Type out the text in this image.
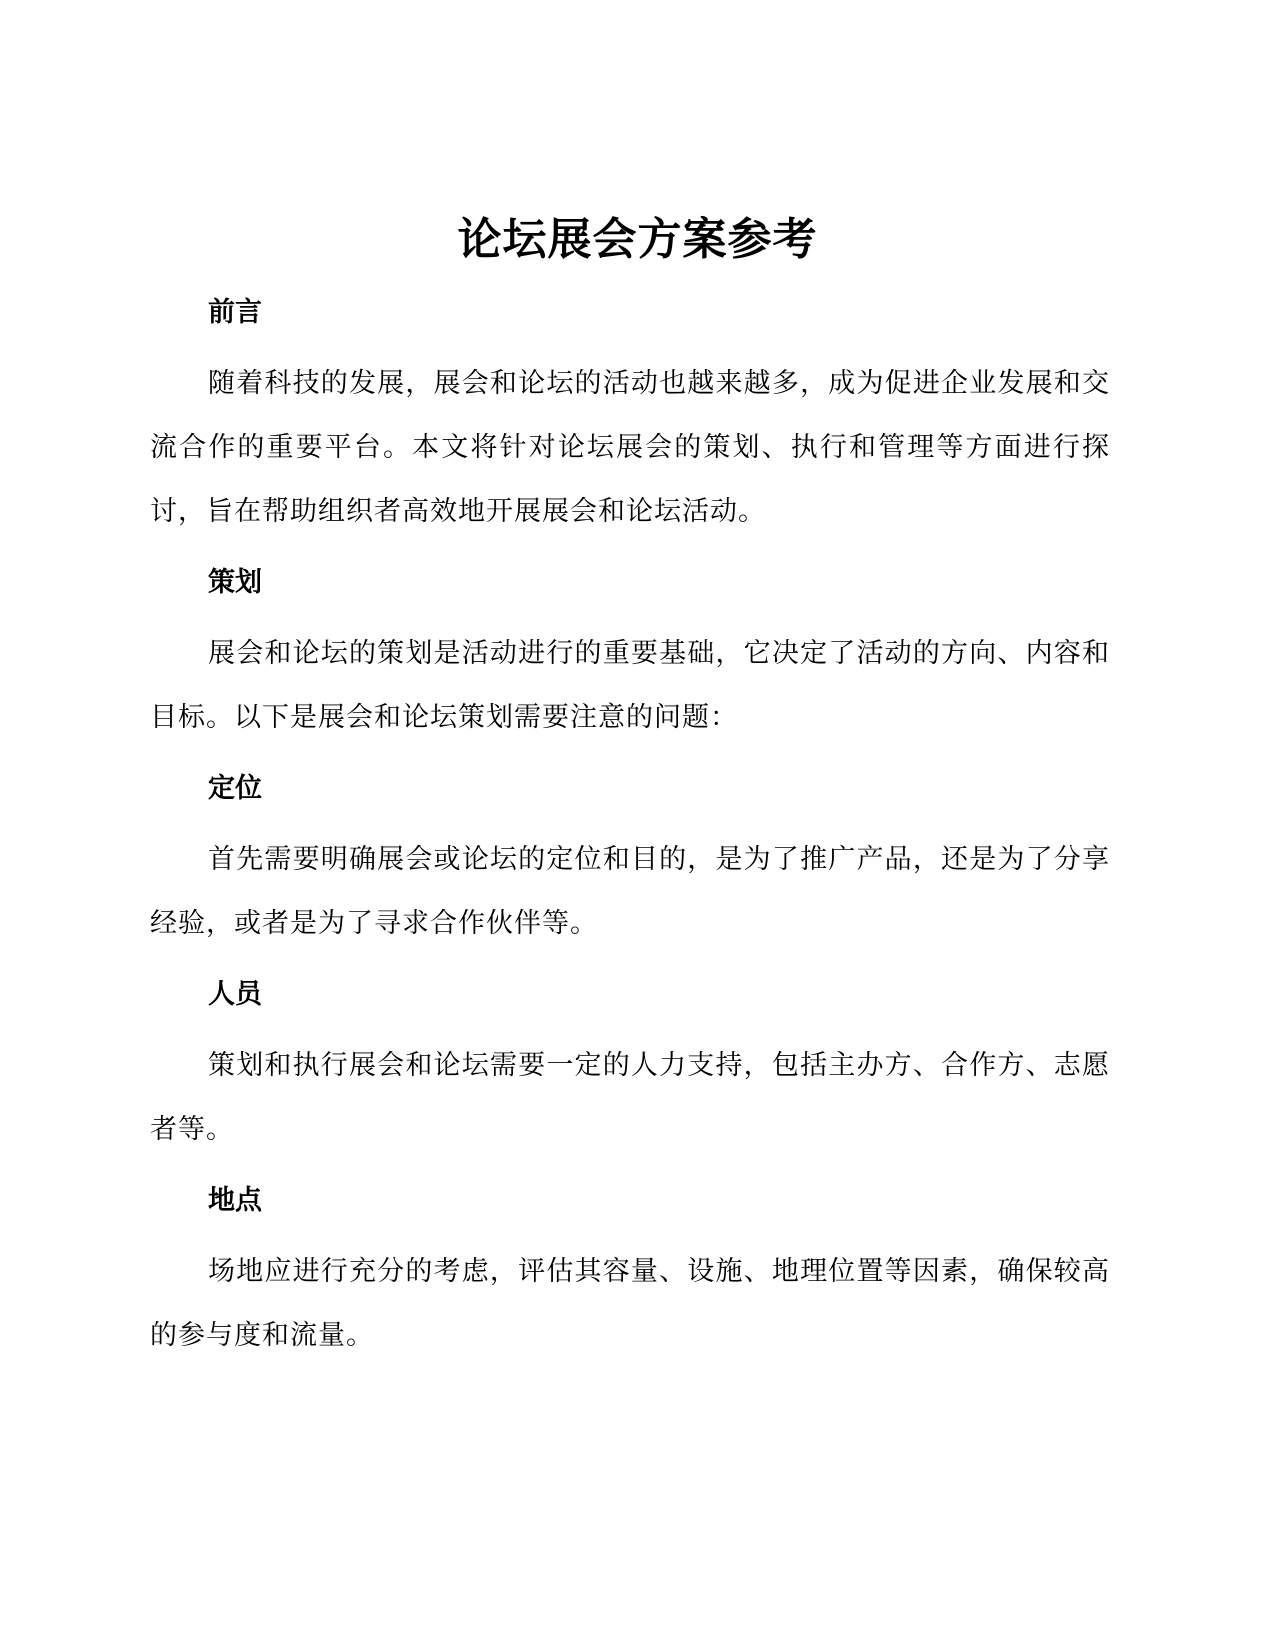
论坛展会方案参考
前言

随着科技的发展，展会和论坛的活动也越来越多，成为促进企业发展和交流合作的重要平台。本文将针对论坛展会的策划、执行和管理等方面进行探讨，旨在帮助组织者高效地开展展会和论坛活动。

策划

展会和论坛的策划是活动进行的重要基础，它决定了活动的方向、内容和目标。以下是展会和论坛策划需要注意的问题：

定位

首先需要明确展会或论坛的定位和目的，是为了推广产品，还是为了分享经验，或者是为了寻求合作伙伴等。

人员

策划和执行展会和论坛需要一定的人力支持，包括主办方、合作方、志愿者等。

地点

场地应进行充分的考虑，评估其容量、设施、地理位置等因素，确保较高的参与度和流量。
